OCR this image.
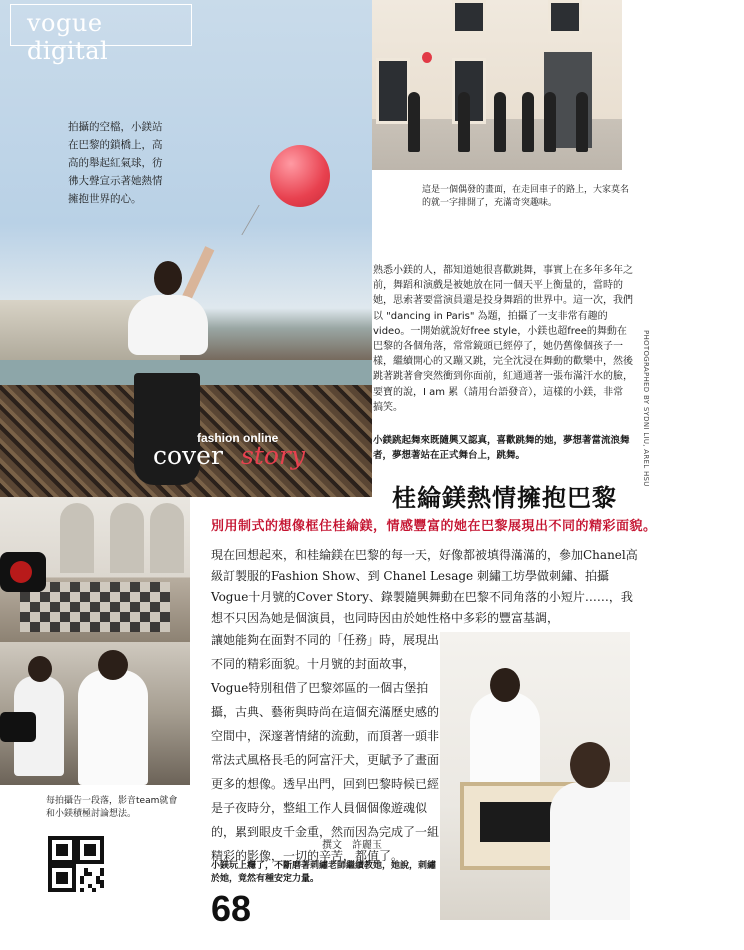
vogue digital
拍攝的空檔，小鎂站在巴黎的鎖橋上，高高的舉起紅氣球，彷彿大聲宣示著她熱情擁抱世界的心。
fashion online
cover story
這是一個偶發的畫面，在走回車子的路上，大家莫名的就一字排開了，充滿奇突趣味。
熟悉小鎂的人，都知道她很喜歡跳舞，事實上在多年多年之前，舞蹈和演戲是被她放在同一個天平上衡量的，當時的她，思索著要當演員還是投身舞蹈的世界中。這一次，我們以 "dancing in Paris" 為題，拍攝了一支非常有趣的video。一開始就說好free style，小鎂也超free的舞動在巴黎的各個角落，常常鏡頭已經停了，她仍舊像個孩子一樣，繼續開心的又蹦又跳，完全沈浸在舞動的歡樂中，然後跳著跳著會突然衝到你面前，紅通通著一張布滿汗水的臉，要寶的說，I am 累（請用台語發音），這樣的小鎂，非常搞笑。
小鎂跳起舞來既隨興又認真，喜歡跳舞的她，夢想著當流浪舞者，夢想著站在正式舞台上，跳舞。	PHOTOGRAPHED BY SYDNI LIU, AREL HSU
桂綸鎂熱情擁抱巴黎
別用制式的想像框住桂綸鎂，情感豐富的她在巴黎展現出不同的精彩面貌。
現在回想起來，和桂綸鎂在巴黎的每一天，好像都被填得滿滿的，參加Chanel高級訂製服的Fashion Show、到 Chanel Lesage 刺繡工坊學做刺繡、拍攝 Vogue十月號的Cover Story、錄製隨興舞動在巴黎不同角落的小短片……，我想不只因為她是個演員，也同時因由於她性格中多彩的豐富基調，
讓她能夠在面對不同的「任務」時，展現出不同的精彩面貌。十月號的封面故事，Vogue特別租借了巴黎郊區的一個古堡拍攝，古典、藝術與時尚在這個充滿歷史感的空間中，深邃著情緒的流動，而頂著一頭非常法式風格長毛的阿富汗犬，更賦予了畫面更多的想像。透早出門，回到巴黎時候已經是子夜時分，整組工作人員個個像遊魂似的，累到眼皮千金重，然而因為完成了一組精彩的影像，一切的辛苦，都值了。
撰文　許麗玉
每拍攝告一段落，影音team就會和小鎂積極討論想法。
小鎂玩上癮了，不斷磨著刺繡老師繼續教她，她說，刺繡於她，竟然有種安定力量。
68
